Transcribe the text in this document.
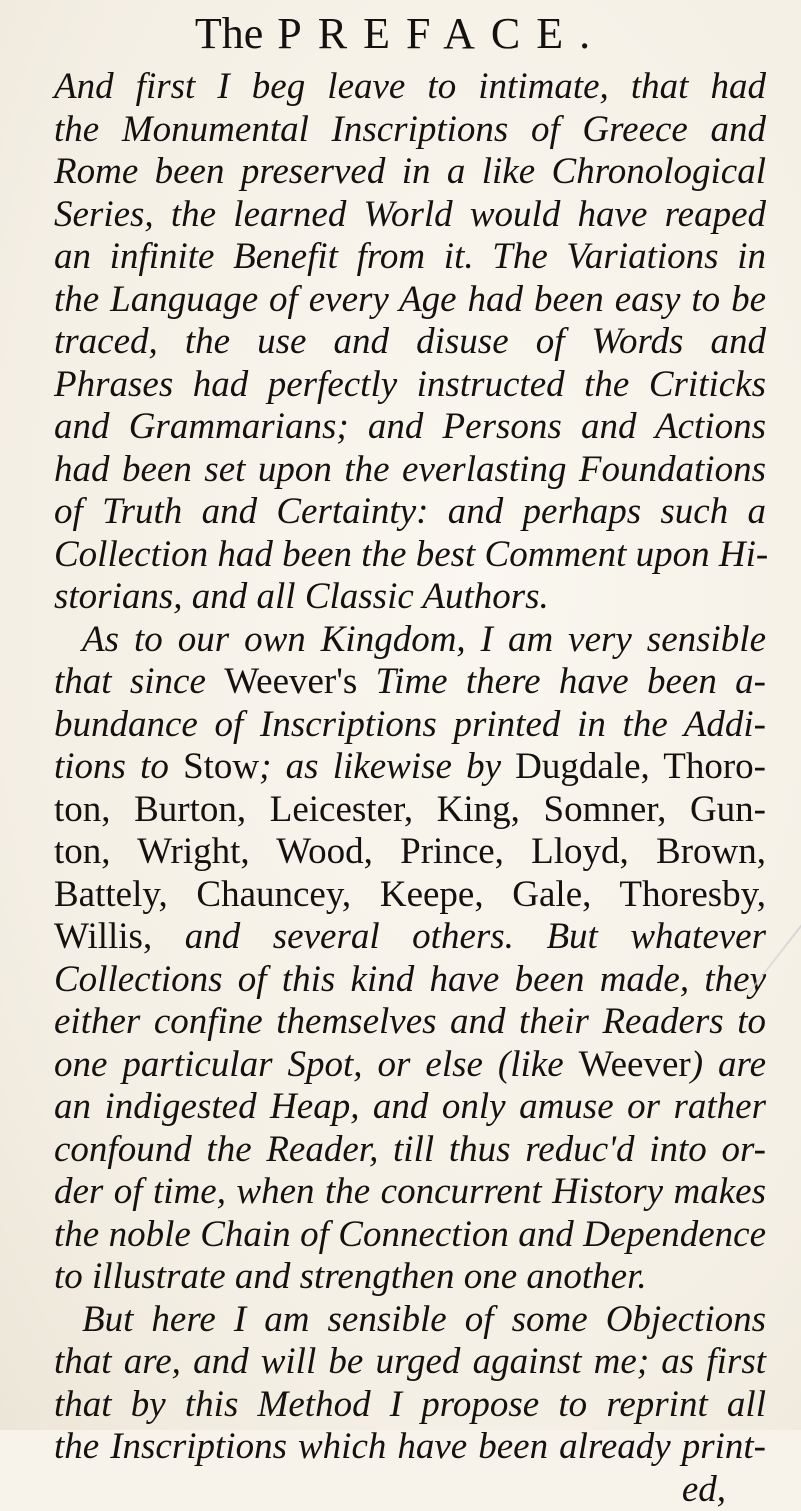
The PREFACE.
And first I beg leave to intimate, that had
the Monumental Inscriptions of Greece and
Rome been preserved in a like Chronological
Series, the learned World would have reaped
an infinite Benefit from it. The Variations in
the Language of every Age had been easy to be
traced, the use and disuse of Words and
Phrases had perfectly instructed the Criticks
and Grammarians; and Persons and Actions
had been set upon the everlasting Foundations
of Truth and Certainty: and perhaps such a
Collection had been the best Comment upon Hi-
storians, and all Classic Authors.
As to our own Kingdom, I am very sensible
that since Weever's Time there have been a-
bundance of Inscriptions printed in the Addi-
tions to Stow; as likewise by Dugdale, Thoro-
ton, Burton, Leicester, King, Somner, Gun-
ton, Wright, Wood, Prince, Lloyd, Brown,
Battely, Chauncey, Keepe, Gale, Thoresby,
Willis, and several others. But whatever
Collections of this kind have been made, they
either confine themselves and their Readers to
one particular Spot, or else (like Weever) are
an indigested Heap, and only amuse or rather
confound the Reader, till thus reduc'd into or-
der of time, when the concurrent History makes
the noble Chain of Connection and Dependence
to illustrate and strengthen one another.
But here I am sensible of some Objections
that are, and will be urged against me; as first
that by this Method I propose to reprint all
the Inscriptions which have been already print-
ed,
